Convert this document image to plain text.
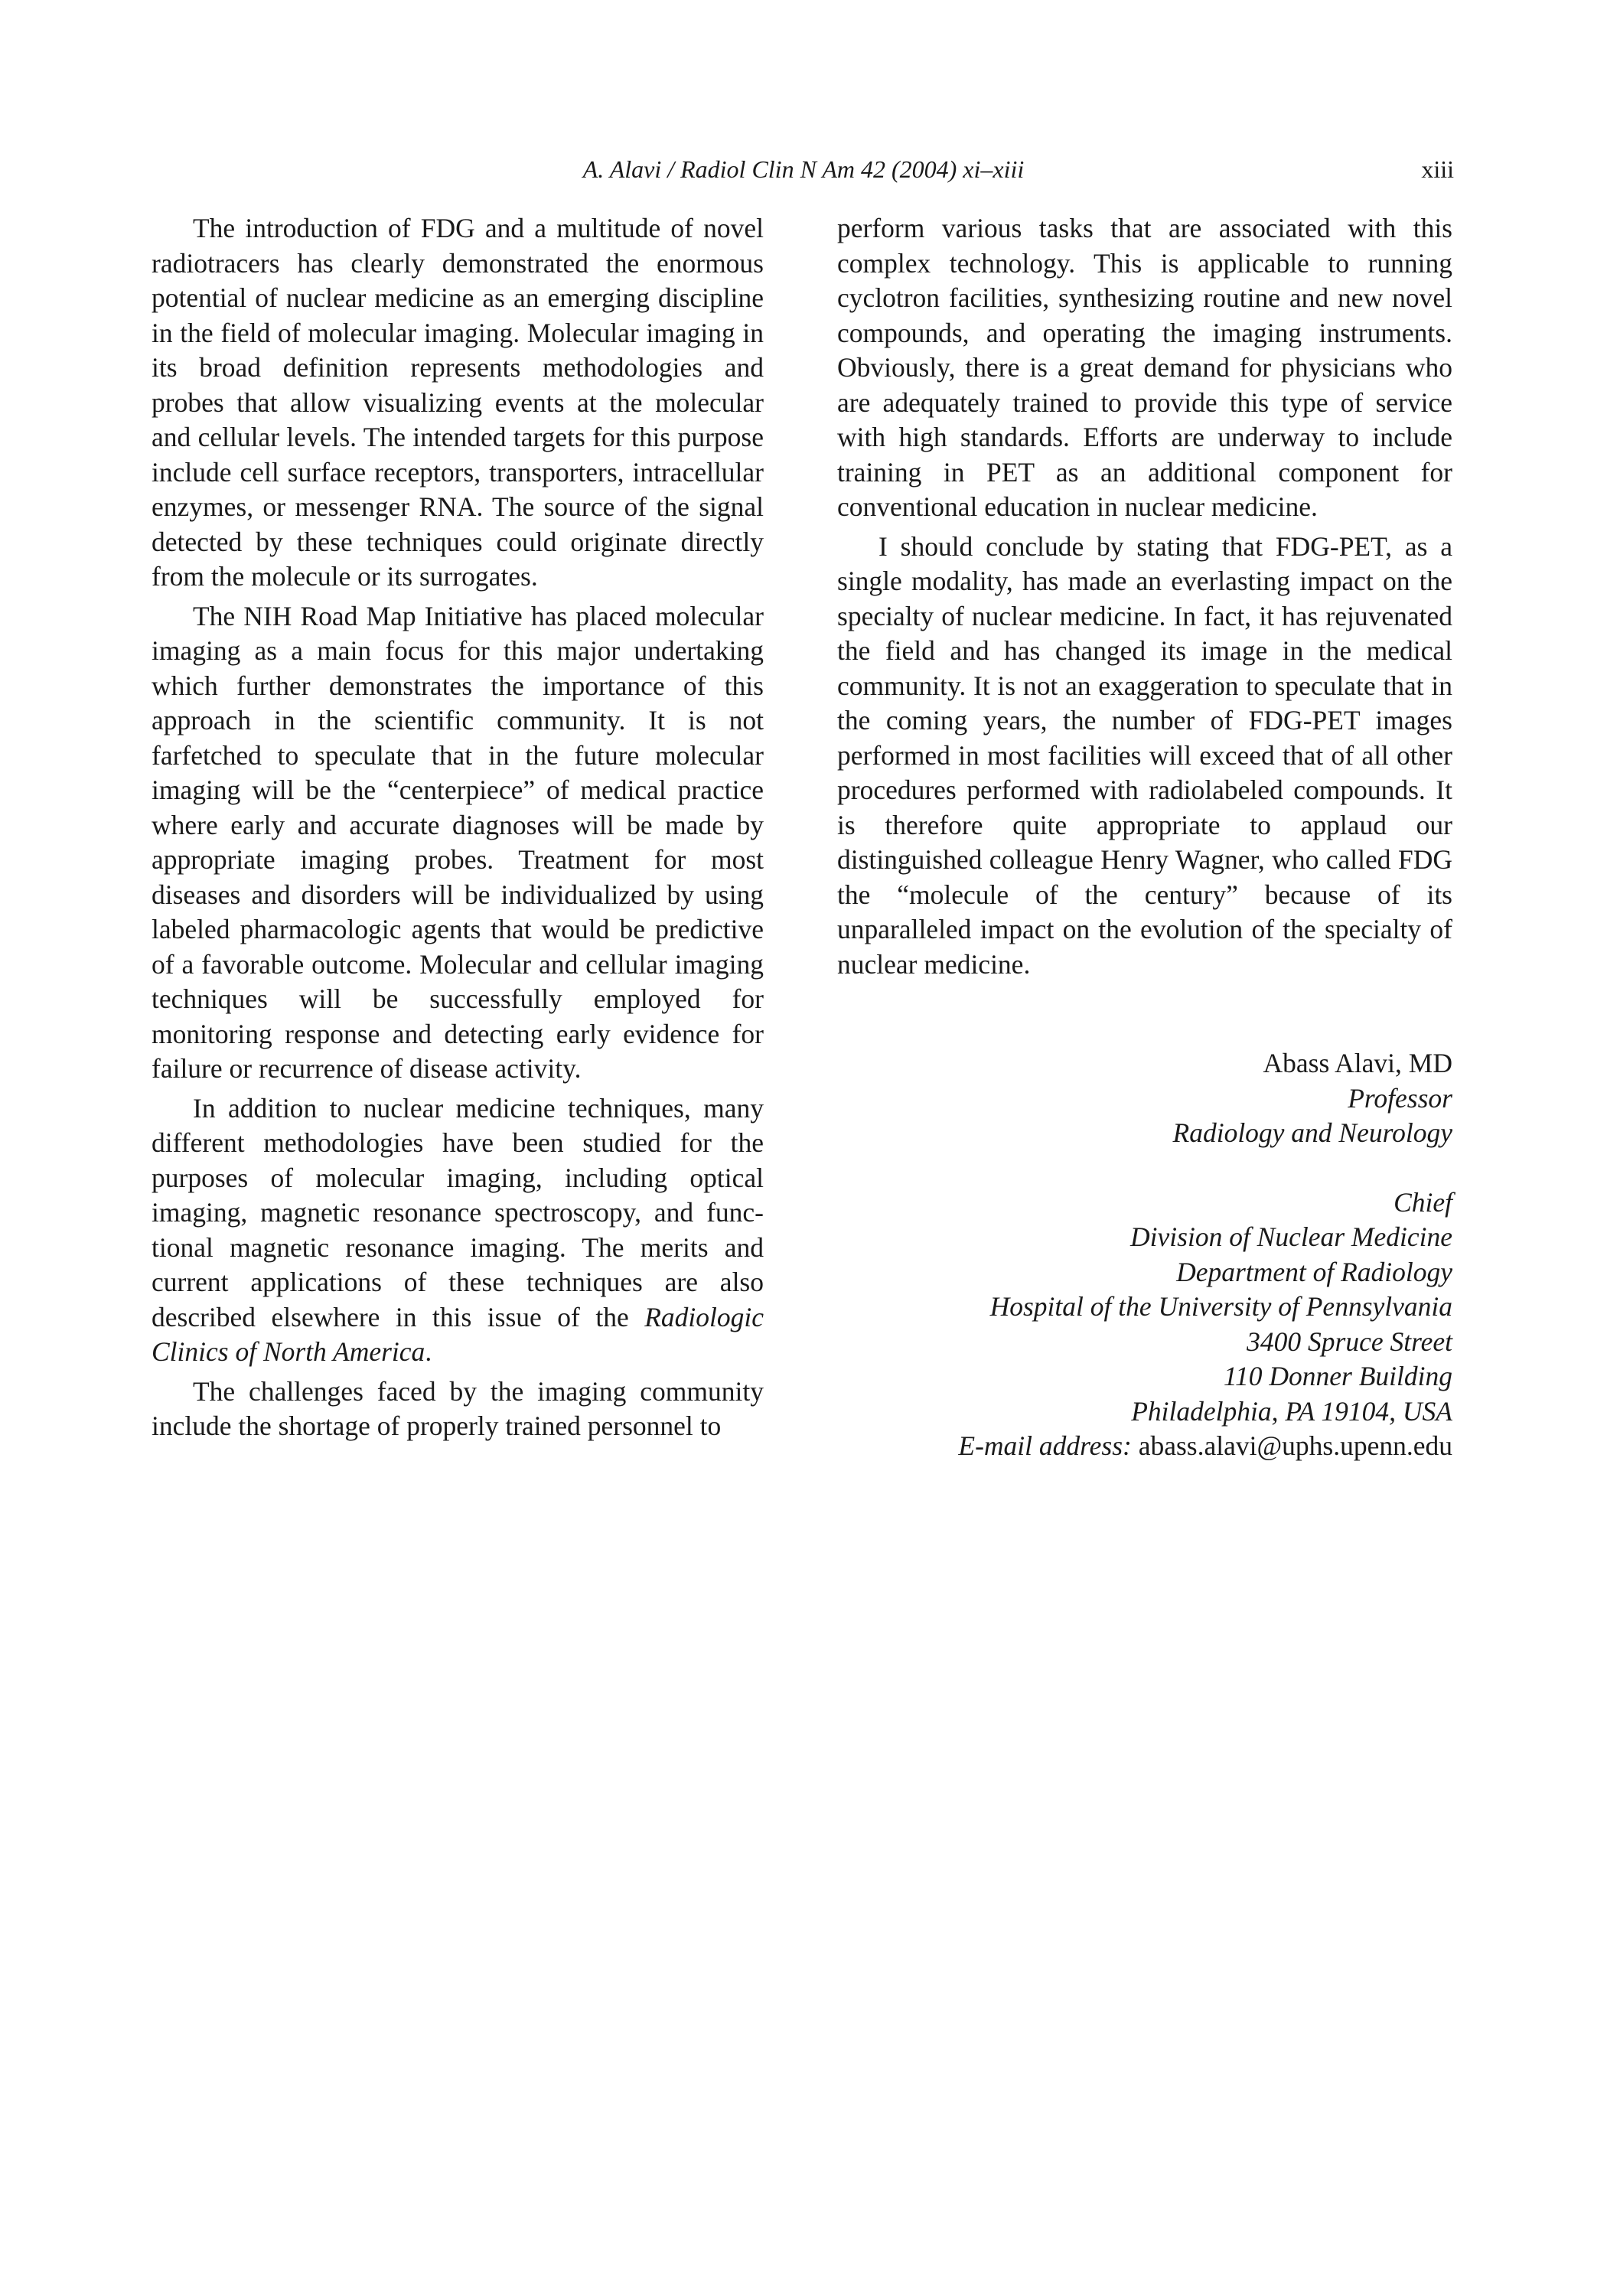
A. Alavi / Radiol Clin N Am 42 (2004) xi–xiii	xiii

The introduction of FDG and a multitude of novel radiotracers has clearly demonstrated the enormous potential of nuclear medicine as an emerging discipline in the field of molecular imaging. Molecular imaging in its broad definition represents methodologies and probes that allow visualizing events at the molecular and cellular levels. The intended targets for this purpose include cell surface receptors, transporters, intracellular enzymes, or messenger RNA. The source of the signal detected by these techniques could originate directly from the molecule or its surrogates.

The NIH Road Map Initiative has placed molecular imaging as a main focus for this major undertaking which further demonstrates the importance of this approach in the scientific community. It is not farfetched to speculate that in the future molecular imaging will be the “centerpiece” of medical practice where early and accurate diagnoses will be made by appropriate imaging probes. Treatment for most diseases and disorders will be individualized by using labeled pharmacologic agents that would be predictive of a favorable outcome. Molecular and cellular imaging techniques will be successfully employed for monitoring response and detecting early evidence for failure or recurrence of disease activity.

In addition to nuclear medicine techniques, many different methodologies have been studied for the purposes of molecular imaging, including optical imaging, magnetic resonance spectroscopy, and functional magnetic resonance imaging. The merits and current applications of these techniques are also described elsewhere in this issue of the Radiologic Clinics of North America.

The challenges faced by the imaging community include the shortage of properly trained personnel to

perform various tasks that are associated with this complex technology. This is applicable to running cyclotron facilities, synthesizing routine and new novel compounds, and operating the imaging instruments. Obviously, there is a great demand for physicians who are adequately trained to provide this type of service with high standards. Efforts are underway to include training in PET as an additional component for conventional education in nuclear medicine.

I should conclude by stating that FDG-PET, as a single modality, has made an everlasting impact on the specialty of nuclear medicine. In fact, it has rejuvenated the field and has changed its image in the medical community. It is not an exaggeration to speculate that in the coming years, the number of FDG-PET images performed in most facilities will exceed that of all other procedures performed with radiolabeled compounds. It is therefore quite appropriate to applaud our distinguished colleague Henry Wagner, who called FDG the “molecule of the century” because of its unparalleled impact on the evolution of the specialty of nuclear medicine.

Abass Alavi, MD
Professor
Radiology and Neurology
Chief
Division of Nuclear Medicine
Department of Radiology
Hospital of the University of Pennsylvania
3400 Spruce Street
110 Donner Building
Philadelphia, PA 19104, USA
E-mail address: abass.alavi@uphs.upenn.edu
